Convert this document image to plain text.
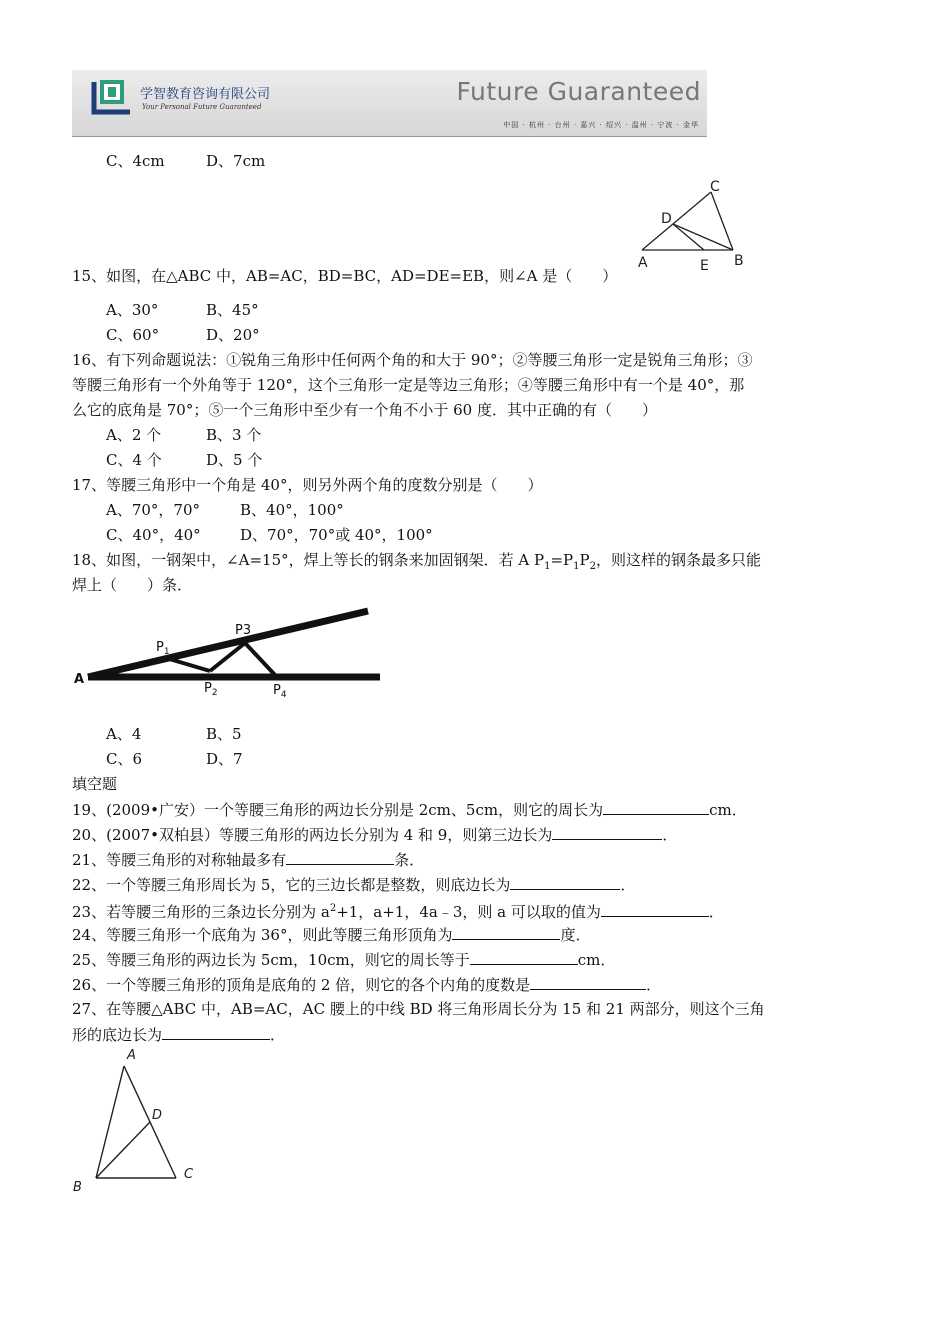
学智教育咨询有限公司
Your Personal Future Guaranteed
Future Guaranteed
中国 · 杭州 · 台州 · 嘉兴 · 绍兴 · 温州 · 宁波 · 金华
C、4cm	D、7cm
A	B
C
D
E
15、如图，在△ABC 中，AB=AC，BD=BC，AD=DE=EB，则∠A 是（　　）
A、30°	B、45°
C、60°	D、20°
16、有下列命题说法：①锐角三角形中任何两个角的和大于 90°；②等腰三角形一定是锐角三角形；③
等腰三角形有一个外角等于 120°，这个三角形一定是等边三角形；④等腰三角形中有一个是 40°，那
么它的底角是 70°；⑤一个三角形中至少有一个角不小于 60 度．其中正确的有（　　）
A、2 个	B、3 个
C、4 个	D、5 个
17、等腰三角形中一个角是 40°，则另外两个角的度数分别是（　　）
A、70°，70°	B、40°，100°
C、40°，40°	D、70°，70°或 40°，100°
18、如图，一钢架中，∠A=15°，焊上等长的钢条来加固钢架．若 A $P_1=P_1P_2$，则这样的钢条最多只能
焊上（　　）条．
A
$P_1$
P3
$P_2$	$P_4$
A、4	B、5
C、6	D、7
填空题
19、(2009•广安）一个等腰三角形的两边长分别是 2cm、5cm，则它的周长为	cm．
20、(2007•双柏县）等腰三角形的两边长分别为 4 和 9，则第三边长为	．
21、等腰三角形的对称轴最多有	条．
22、一个等腰三角形周长为 5，它的三边长都是整数，则底边长为	．
23、若等腰三角形的三条边长分别为 $a^2+1$，a+1，4a﹣3，则 a 可以取的值为	．
24、等腰三角形一个底角为 36°，则此等腰三角形顶角为	度．
25、等腰三角形的两边长为 5cm，10cm，则它的周长等于	cm．
26、一个等腰三角形的顶角是底角的 2 倍，则它的各个内角的度数是	．
27、在等腰△ABC 中，AB=AC，AC 腰上的中线 BD 将三角形周长分为 15 和 21 两部分，则这个三角
形的底边长为	．
A
B
C
D
